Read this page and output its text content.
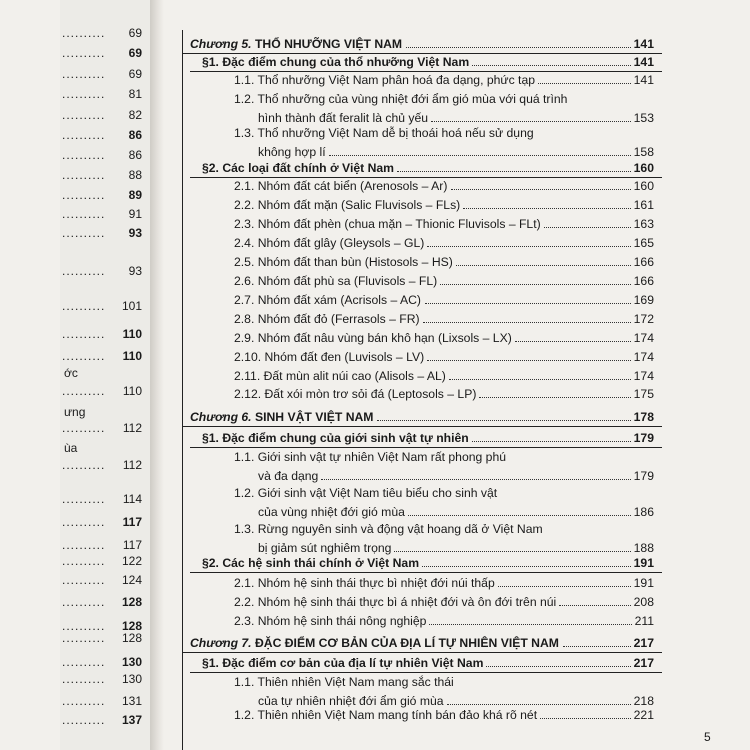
..........	69
..........	69
..........	69
..........	81
..........	82
..........	86
..........	86
..........	88
..........	89
..........	91
..........	93
..........	93
..........	101
..........	110
..........	110
..........	110
..........	112
..........	112
..........	114
..........	117
..........	117
..........	122
..........	124
..........	128
..........	128
..........	128
..........	130
..........	130
..........	131
..........	137
ớc
ưng
ùa
Chương 5. THỔ NHƯỠNG VIỆT NAM	141
§1. Đặc điểm chung của thổ nhưỡng Việt Nam	141
1.1. Thổ nhưỡng Việt Nam phân hoá đa dạng, phức tạp	141
1.2. Thổ nhưỡng của vùng nhiệt đới ẩm gió mùa với quá trình
hình thành đất feralit là chủ yếu	153
1.3. Thổ nhưỡng Việt Nam dễ bị thoái hoá nếu sử dụng
không hợp lí	158
§2. Các loại đất chính ở Việt Nam	160
2.1. Nhóm đất cát biển (Arenosols – Ar)	160
2.2. Nhóm đất mặn (Salic Fluvisols – FLs)	161
2.3. Nhóm đất phèn (chua mặn – Thionic Fluvisols – FLt)	163
2.4. Nhóm đất glây (Gleysols – GL)	165
2.5. Nhóm đất than bùn (Histosols – HS)	166
2.6. Nhóm đất phù sa (Fluvisols – FL)	166
2.7. Nhóm đất xám (Acrisols – AC)	169
2.8. Nhóm đất đỏ (Ferrasols – FR)	172
2.9. Nhóm đất nâu vùng bán khô hạn (Lixsols – LX)	174
2.10. Nhóm đất đen (Luvisols – LV)	174
2.11. Đất mùn alit núi cao (Alisols – AL)	174
2.12. Đất xói mòn trơ sỏi đá (Leptosols – LP)	175
Chương 6. SINH VẬT VIỆT NAM	178
§1. Đặc điểm chung của giới sinh vật tự nhiên	179
1.1. Giới sinh vật tự nhiên Việt Nam rất phong phú
và đa dạng	179
1.2. Giới sinh vật Việt Nam tiêu biểu cho sinh vật
của vùng nhiệt đới gió mùa	186
1.3. Rừng nguyên sinh và động vật hoang dã ở Việt Nam
bị giảm sút nghiêm trọng	188
§2. Các hệ sinh thái chính ở Việt Nam	191
2.1. Nhóm hệ sinh thái thực bì nhiệt đới núi thấp	191
2.2. Nhóm hệ sinh thái thực bì á nhiệt đới và ôn đới trên núi	208
2.3. Nhóm hệ sinh thái nông nghiệp	211
Chương 7. ĐẶC ĐIỂM CƠ BẢN CỦA ĐỊA LÍ TỰ NHIÊN VIỆT NAM	217
§1. Đặc điểm cơ bản của địa lí tự nhiên Việt Nam	217
1.1. Thiên nhiên Việt Nam mang sắc thái
của tự nhiên nhiệt đới ẩm gió mùa	218
1.2. Thiên nhiên Việt Nam mang tính bán đảo khá rõ nét	221
5
